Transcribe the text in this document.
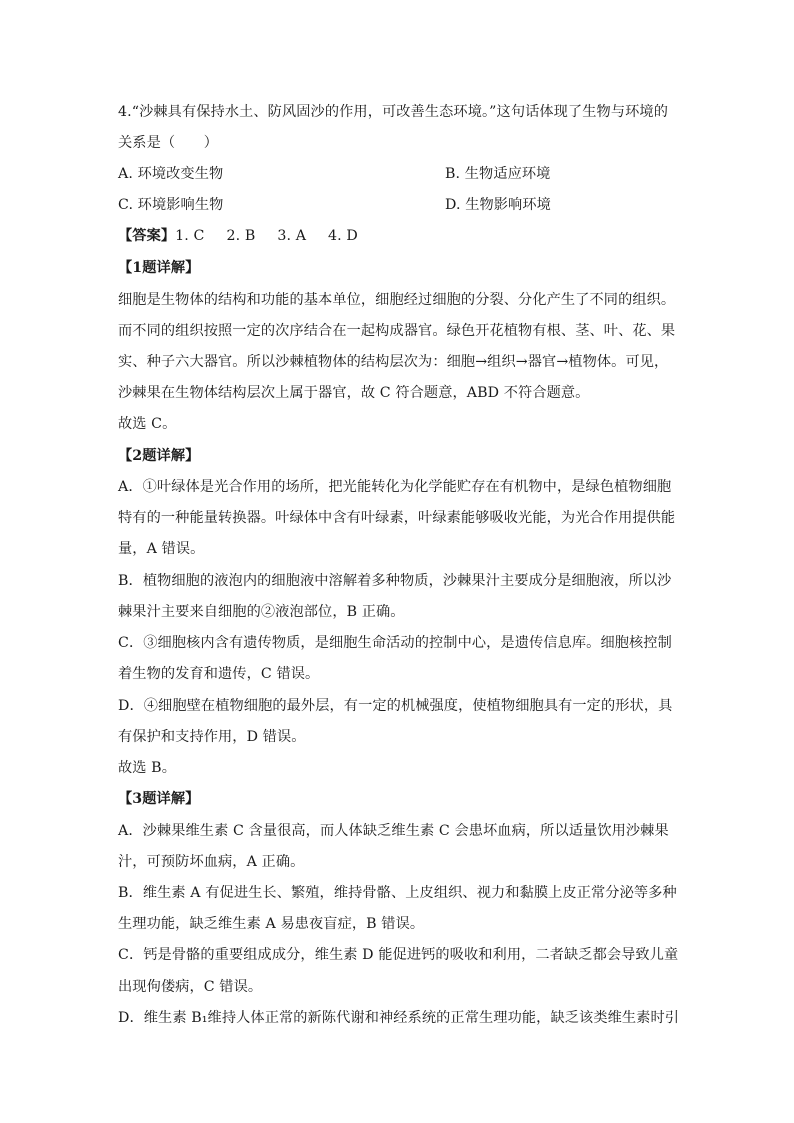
4.“沙棘具有保持水土、防风固沙的作用，可改善生态环境。”这句话体现了生物与环境的
关系是（　　）
A. 环境改变生物	B. 生物适应环境
C. 环境影响生物	D. 生物影响环境
【答案】1. C 2. B 3. A 4. D
【1题详解】
细胞是生物体的结构和功能的基本单位，细胞经过细胞的分裂、分化产生了不同的组织。
而不同的组织按照一定的次序结合在一起构成器官。绿色开花植物有根、茎、叶、花、果
实、种子六大器官。所以沙棘植物体的结构层次为：细胞→组织→器官→植物体。可见，
沙棘果在生物体结构层次上属于器官，故 C 符合题意，ABD 不符合题意。
故选 C。
【2题详解】
A．①叶绿体是光合作用的场所，把光能转化为化学能贮存在有机物中，是绿色植物细胞
特有的一种能量转换器。叶绿体中含有叶绿素，叶绿素能够吸收光能，为光合作用提供能
量，A 错误。
B．植物细胞的液泡内的细胞液中溶解着多种物质，沙棘果汁主要成分是细胞液，所以沙
棘果汁主要来自细胞的②液泡部位，B 正确。
C．③细胞核内含有遗传物质，是细胞生命活动的控制中心，是遗传信息库。细胞核控制
着生物的发育和遗传，C 错误。
D．④细胞壁在植物细胞的最外层，有一定的机械强度，使植物细胞具有一定的形状，具
有保护和支持作用，D 错误。
故选 B。
【3题详解】
A．沙棘果维生素 C 含量很高，而人体缺乏维生素 C 会患坏血病，所以适量饮用沙棘果
汁，可预防坏血病，A 正确。
B．维生素 A 有促进生长、繁殖，维持骨骼、上皮组织、视力和黏膜上皮正常分泌等多种
生理功能，缺乏维生素 A 易患夜盲症，B 错误。
C．钙是骨骼的重要组成成分，维生素 D 能促进钙的吸收和利用，二者缺乏都会导致儿童
出现佝偻病，C 错误。
D．维生素 B₁维持人体正常的新陈代谢和神经系统的正常生理功能，缺乏该类维生素时引
